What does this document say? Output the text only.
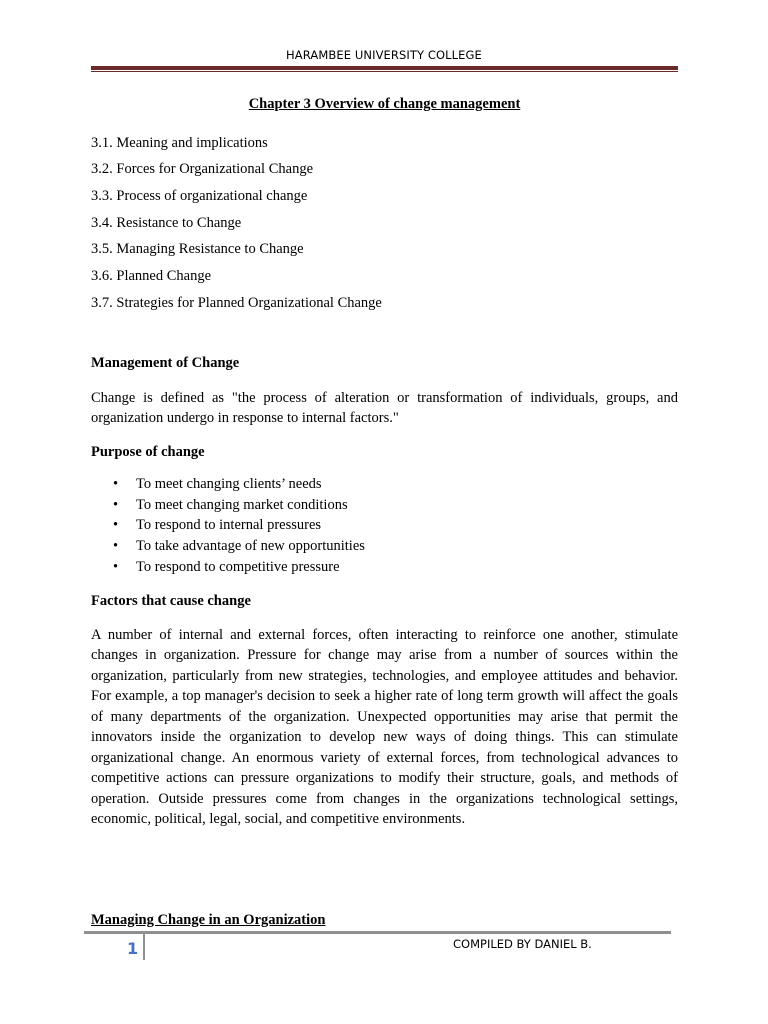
HARAMBEE UNIVERSITY COLLEGE
Chapter 3 Overview of change management
3.1. Meaning and implications
3.2. Forces for Organizational Change
3.3. Process of organizational change
3.4. Resistance to Change
3.5. Managing Resistance to Change
3.6. Planned Change
3.7. Strategies for Planned Organizational Change
Management of Change

Change is defined as "the process of alteration or transformation of individuals, groups, and organization undergo in response to internal factors."

Purpose of change
• To meet changing clients’ needs
• To meet changing market conditions
• To respond to internal pressures
• To take advantage of new opportunities
• To respond to competitive pressure
Factors that cause change

A number of internal and external forces, often interacting to reinforce one another, stimulate changes in organization. Pressure for change may arise from a number of sources within the organization, particularly from new strategies, technologies, and employee attitudes and behavior. For example, a top manager's decision to seek a higher rate of long term growth will affect the goals of many departments of the organization. Unexpected opportunities may arise that permit the innovators inside the organization to develop new ways of doing things. This can stimulate organizational change. An enormous variety of external forces, from technological advances to competitive actions can pressure organizations to modify their structure, goals, and methods of operation. Outside pressures come from changes in the organizations technological settings, economic, political, legal, social, and competitive environments.

Managing Change in an Organization
1	COMPILED BY DANIEL B.
